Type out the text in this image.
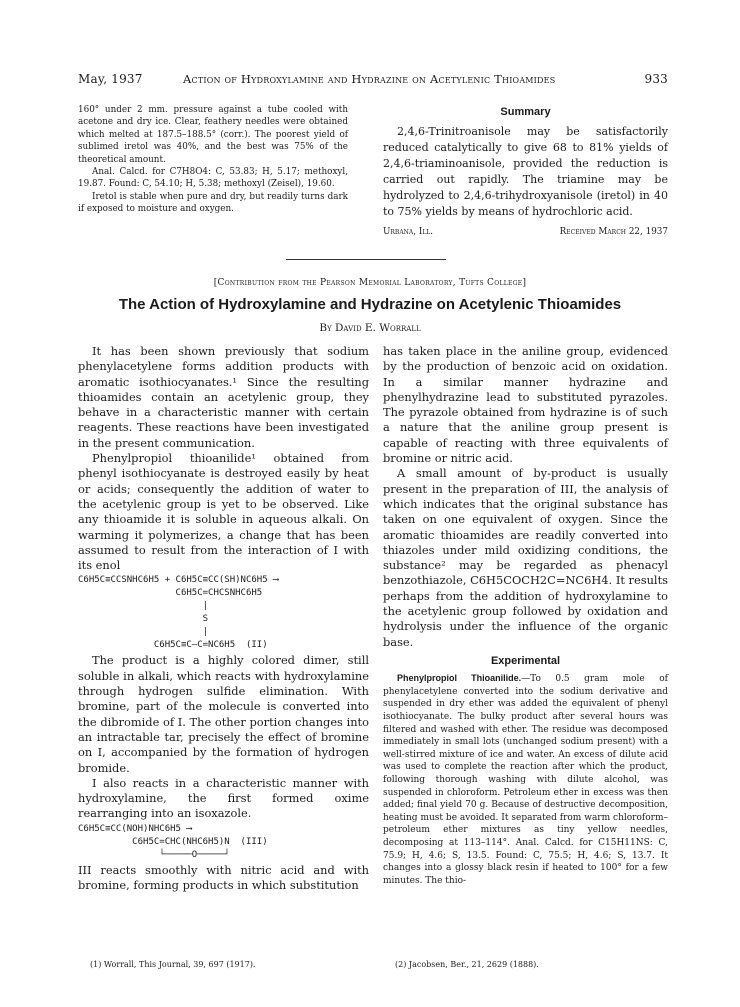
May, 1937	Action of Hydroxylamine and Hydrazine on Acetylenic Thioamides	933

160° under 2 mm. pressure against a tube cooled with acetone and dry ice. Clear, feathery needles were obtained which melted at 187.5–188.5° (corr.). The poorest yield of sublimed iretol was 40%, and the best was 75% of the theoretical amount.

Anal. Calcd. for C7H8O4: C, 53.83; H, 5.17; methoxyl, 19.87. Found: C, 54.10; H, 5.38; methoxyl (Zeisel), 19.60.

Iretol is stable when pure and dry, but readily turns dark if exposed to moisture and oxygen.

Summary

2,4,6-Trinitroanisole may be satisfactorily reduced catalytically to give 68 to 81% yields of 2,4,6-triaminoanisole, provided the reduction is carried out rapidly. The triamine may be hydrolyzed to 2,4,6-trihydroxyanisole (iretol) in 40 to 75% yields by means of hydrochloric acid.

Urbana, Ill.	Received March 22, 1937
[Contribution from the Pearson Memorial Laboratory, Tufts College]
The Action of Hydroxylamine and Hydrazine on Acetylenic Thioamides
By David E. Worrall

It has been shown previously that sodium phenylacetylene forms addition products with aromatic isothiocyanates.¹ Since the resulting thioamides contain an acetylenic group, they behave in a characteristic manner with certain reagents. These reactions have been investigated in the present communication.

Phenylpropiol thioanilide¹ obtained from phenyl isothiocyanate is destroyed easily by heat or acids; consequently the addition of water to the acetylenic group is yet to be observed. Like any thioamide it is soluble in aqueous alkali. On warming it polymerizes, a change that has been assumed to result from the interaction of I with its enol

C6H5C≡CCSNHC6H5 + C6H5C≡CC(SH)NC6H5 ⟶
C6H5C=CHCSNHC6H5
|
S
|
C6H5C≡C—C=NC6H5  (II)

The product is a highly colored dimer, still soluble in alkali, which reacts with hydroxylamine through hydrogen sulfide elimination. With bromine, part of the molecule is converted into the dibromide of I. The other portion changes into an intractable tar, precisely the effect of bromine on I, accompanied by the formation of hydrogen bromide.

I also reacts in a characteristic manner with hydroxylamine, the first formed oxime rearranging into an isoxazole.

C6H5C≡CC(NOH)NHC6H5 ⟶
C6H5C=CHC(NHC6H5)N  (III)
└─────O─────┘

III reacts smoothly with nitric acid and with bromine, forming products in which substitution

has taken place in the aniline group, evidenced by the production of benzoic acid on oxidation. In a similar manner hydrazine and phenylhydrazine lead to substituted pyrazoles. The pyrazole obtained from hydrazine is of such a nature that the aniline group present is capable of reacting with three equivalents of bromine or nitric acid.

A small amount of by-product is usually present in the preparation of III, the analysis of which indicates that the original substance has taken on one equivalent of oxygen. Since the aromatic thioamides are readily converted into thiazoles under mild oxidizing conditions, the substance² may be regarded as phenacyl benzothiazole, C6H5COCH2C=NC6H4. It results perhaps from the addition of hydroxylamine to the acetylenic group followed by oxidation and hydrolysis under the influence of the organic base.

Experimental

Phenylpropiol Thioanilide.—To 0.5 gram mole of phenylacetylene converted into the sodium derivative and suspended in dry ether was added the equivalent of phenyl isothiocyanate. The bulky product after several hours was filtered and washed with ether. The residue was decomposed immediately in small lots (unchanged sodium present) with a well-stirred mixture of ice and water. An excess of dilute acid was used to complete the reaction after which the product, following thorough washing with dilute alcohol, was suspended in chloroform. Petroleum ether in excess was then added; final yield 70 g. Because of destructive decomposition, heating must be avoided. It separated from warm chloroform–petroleum ether mixtures as tiny yellow needles, decomposing at 113–114°. Anal. Calcd. for C15H11NS: C, 75.9; H, 4.6; S, 13.5. Found: C, 75.5; H, 4.6; S, 13.7. It changes into a glossy black resin if heated to 100° for a few minutes. The thio-

(1) Worrall, This Journal, 39, 697 (1917).	(2) Jacobsen, Ber., 21, 2629 (1888).
